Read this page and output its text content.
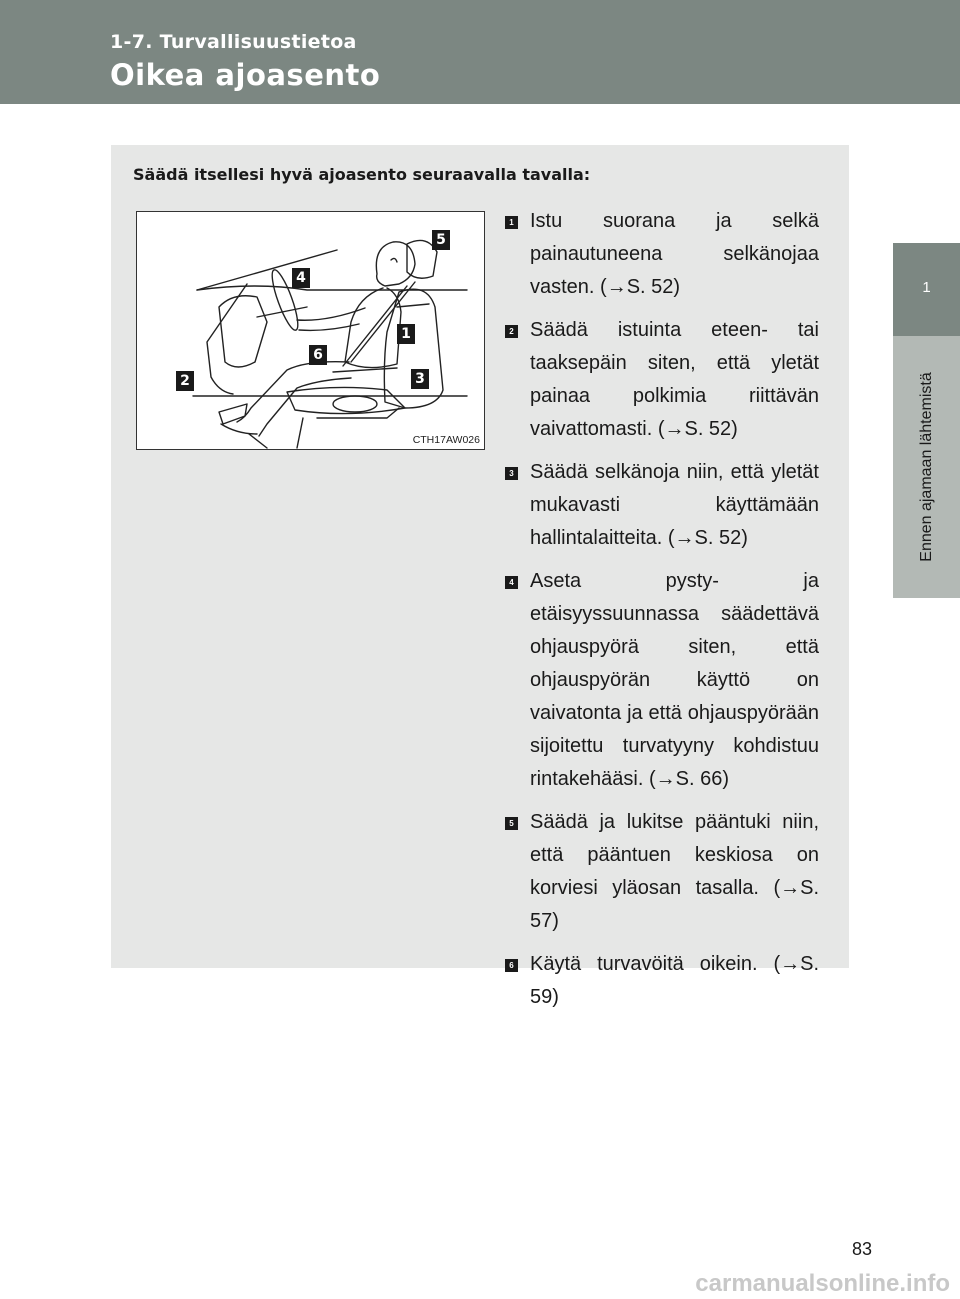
1-7. Turvallisuustietoa
Oikea ajoasento
1
Ennen ajamaan lähtemistä
Säädä itsellesi hyvä ajoasento seuraavalla tavalla:
5
4
1
6
2	3
CTH17AW026
1 Istu suorana ja selkä painautuneena selkänojaa vasten. (→S. 52)
2 Säädä istuinta eteen- tai taaksepäin siten, että yletät painaa polkimia riittävän vaivattomasti. (→S. 52)
3 Säädä selkänoja niin, että yletät mukavasti käyttämään hallintalaitteita. (→S. 52)
4 Aseta pysty- ja etäisyyssuunnassa säädettävä ohjauspyörä siten, että ohjauspyörän käyttö on vaivatonta ja että ohjauspyörään sijoitettu turvatyyny kohdistuu rintakehääsi. (→S. 66)
5 Säädä ja lukitse pääntuki niin, että pääntuen keskiosa on korviesi yläosan tasalla. (→S. 57)
6 Käytä turvavöitä oikein. (→S. 59)
83
carmanualsonline.info
